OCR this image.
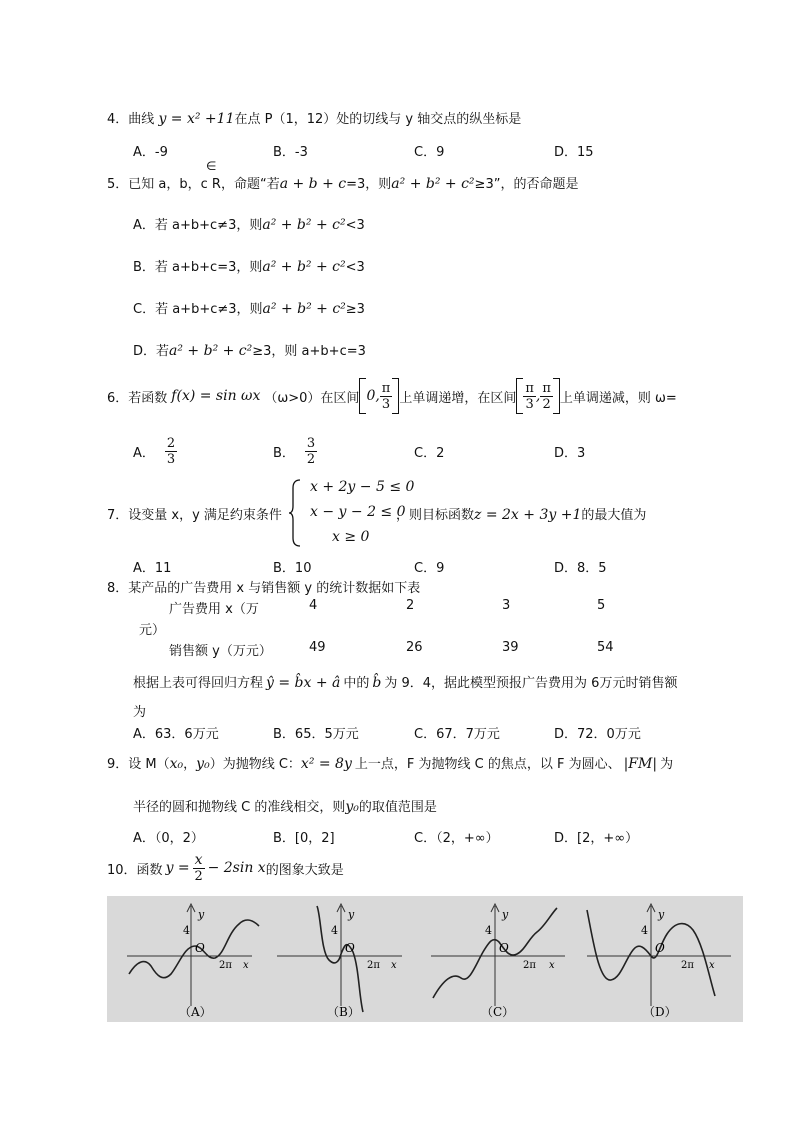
4．曲线 y = x² +11在点 P（1，12）处的切线与 y 轴交点的纵坐标是
A．-9	B．-3	C．9	D．15
∈
5．已知 a，b，c R，命题“若a + b + c=3，则a² + b² + c²≥3”，的否命题是
A．若 a+b+c≠3，则a² + b² + c²<3
B．若 a+b+c=3，则a² + b² + c²<3
C．若 a+b+c≠3，则a² + b² + c²≥3
D．若a² + b² + c²≥3，则 a+b+c=3
6． 若函数 f(x) = sin ωx （ω>0）在区间 0, $\frac{\pi}{3}$ 上单调递增，在区间 $\frac{\pi}{3}$ , $\frac{\pi}{2}$ 上单调递减，则 ω=
A． $\frac{2}{3}$	B． $\frac{3}{2}$	C．2	D．3
x + 2y − 5 ≤ 0
x − y − 2 ≤ 0
x ≥ 0
7．设变量 x，y 满足约束条件	，则目标函数z = 2x + 3y +1的最大值为
A．11	B．10	C．9	D．8．5
8．某产品的广告费用 x 与销售额 y 的统计数据如下表
广告费用 x（万
元）
4	2	3	5
销售额 y（万元）	49	26	39	54
根据上表可得回归方程 ŷ = b̂x + â 中的 b̂ 为 9．4，据此模型预报广告费用为 6万元时销售额
为
A．63．6万元	B．65．5万元	C．67．7万元	D．72．0万元
9．设 M（x₀，y₀）为抛物线 C：x² = 8y 上一点，F 为抛物线 C 的焦点，以 F 为圆心、 |FM| 为
半径的圆和抛物线 C 的准线相交，则y₀的取值范围是
A．（0，2）	B．[0，2]	C．（2，+∞）	D．[2，+∞）
10． 函数 $y = \frac{x}{2} - 2\sin$ x 的图象大致是
y
4
O
2π x
（A）
y
4
O
2π x
（B）
y
4
O
2π x
（C）
y
4
O
2π x
（D）
